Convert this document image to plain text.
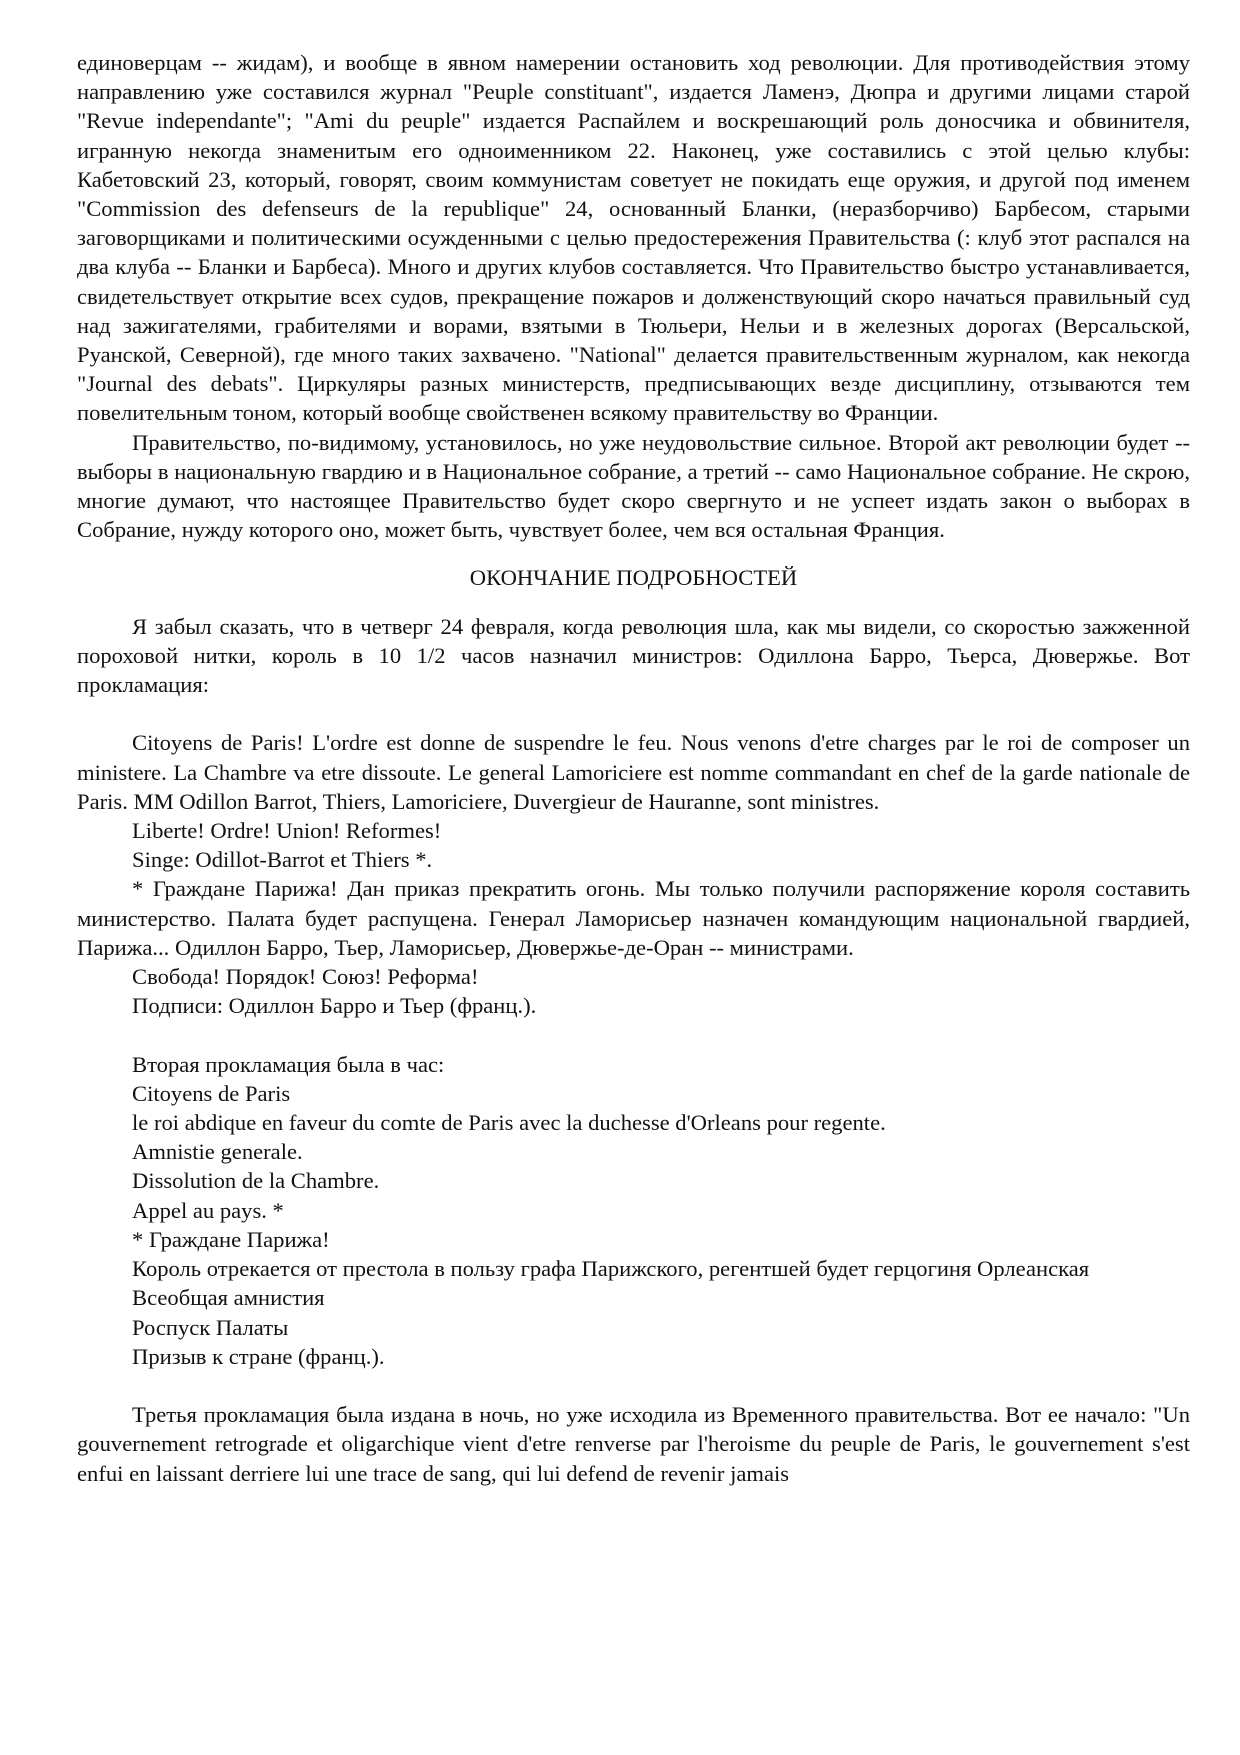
единоверцам -- жидам), и вообще в явном намерении остановить ход революции. Для противодействия этому направлению уже составился журнал "Peuple constituant", издается Ламенэ, Дюпра и другими лицами старой "Revue independante"; "Ami du peuple" издается Распайлем и воскрешающий роль доносчика и обвинителя, игранную некогда знаменитым его одноименником 22. Наконец, уже составились с этой целью клубы: Кабетовский 23, который, говорят, своим коммунистам советует не покидать еще оружия, и другой под именем "Commission des defenseurs de la republique" 24, основанный Бланки, (неразборчиво) Барбесом, старыми заговорщиками и политическими осужденными с целью предостережения Правительства (: клуб этот распался на два клуба -- Бланки и Барбеса). Много и других клубов составляется. Что Правительство быстро устанавливается, свидетельствует открытие всех судов, прекращение пожаров и долженствующий скоро начаться правильный суд над зажигателями, грабителями и ворами, взятыми в Тюльери, Нельи и в железных дорогах (Версальской, Руанской, Северной), где много таких захвачено. "National" делается правительственным журналом, как некогда "Journal des debats". Циркуляры разных министерств, предписывающих везде дисциплину, отзываются тем повелительным тоном, который вообще свойственен всякому правительству во Франции.

Правительство, по-видимому, установилось, но уже неудовольствие сильное. Второй акт революции будет -- выборы в национальную гвардию и в Национальное собрание, а третий -- само Национальное собрание. Не скрою, многие думают, что настоящее Правительство будет скоро свергнуто и не успеет издать закон о выборах в Собрание, нужду которого оно, может быть, чувствует более, чем вся остальная Франция.

ОКОНЧАНИЕ ПОДРОБНОСТЕЙ

Я забыл сказать, что в четверг 24 февраля, когда революция шла, как мы видели, со скоростью зажженной пороховой нитки, король в 10 1/2 часов назначил министров: Одиллона Барро, Тьерса, Дювержье. Вот прокламация:

Citoyens de Paris! L'ordre est donne de suspendre le feu. Nous venons d'etre charges par le roi de composer un ministere. La Chambre va etre dissoute. Le general Lamoriciere est nomme commandant en chef de la garde nationale de Paris. MM Odillon Barrot, Thiers, Lamoriciere, Duvergieur de Hauranne, sont ministres.

Liberte! Ordre! Union! Reformes!

Singe: Odillot-Barrot et Thiers *.

* Граждане Парижа! Дан приказ прекратить огонь. Мы только получили распоряжение короля составить министерство. Палата будет распущена. Генерал Ламорисьер назначен командующим национальной гвардией, Парижа... Одиллон Барро, Тьер, Ламорисьер, Дювержье-де-Оран -- министрами.

Свобода! Порядок! Союз! Реформа!

Подписи: Одиллон Барро и Тьер (франц.).

Вторая прокламация была в час:

Citoyens de Paris

le roi abdique en faveur du comte de Paris avec la duchesse d'Orleans pour regente.

Amnistie generale.

Dissolution de la Chambre.

Appel au pays. *

* Граждане Парижа!

Король отрекается от престола в пользу графа Парижского, регентшей будет герцогиня Орлеанская

Всеобщая амнистия

Роспуск Палаты

Призыв к стране (франц.).

Третья прокламация была издана в ночь, но уже исходила из Временного правительства. Вот ее начало: "Un gouvernement retrograde et oligarchique vient d'etre renverse par l'heroisme du peuple de Paris, le gouvernement s'est enfui en laissant derriere lui une trace de sang, qui lui defend de revenir jamais
